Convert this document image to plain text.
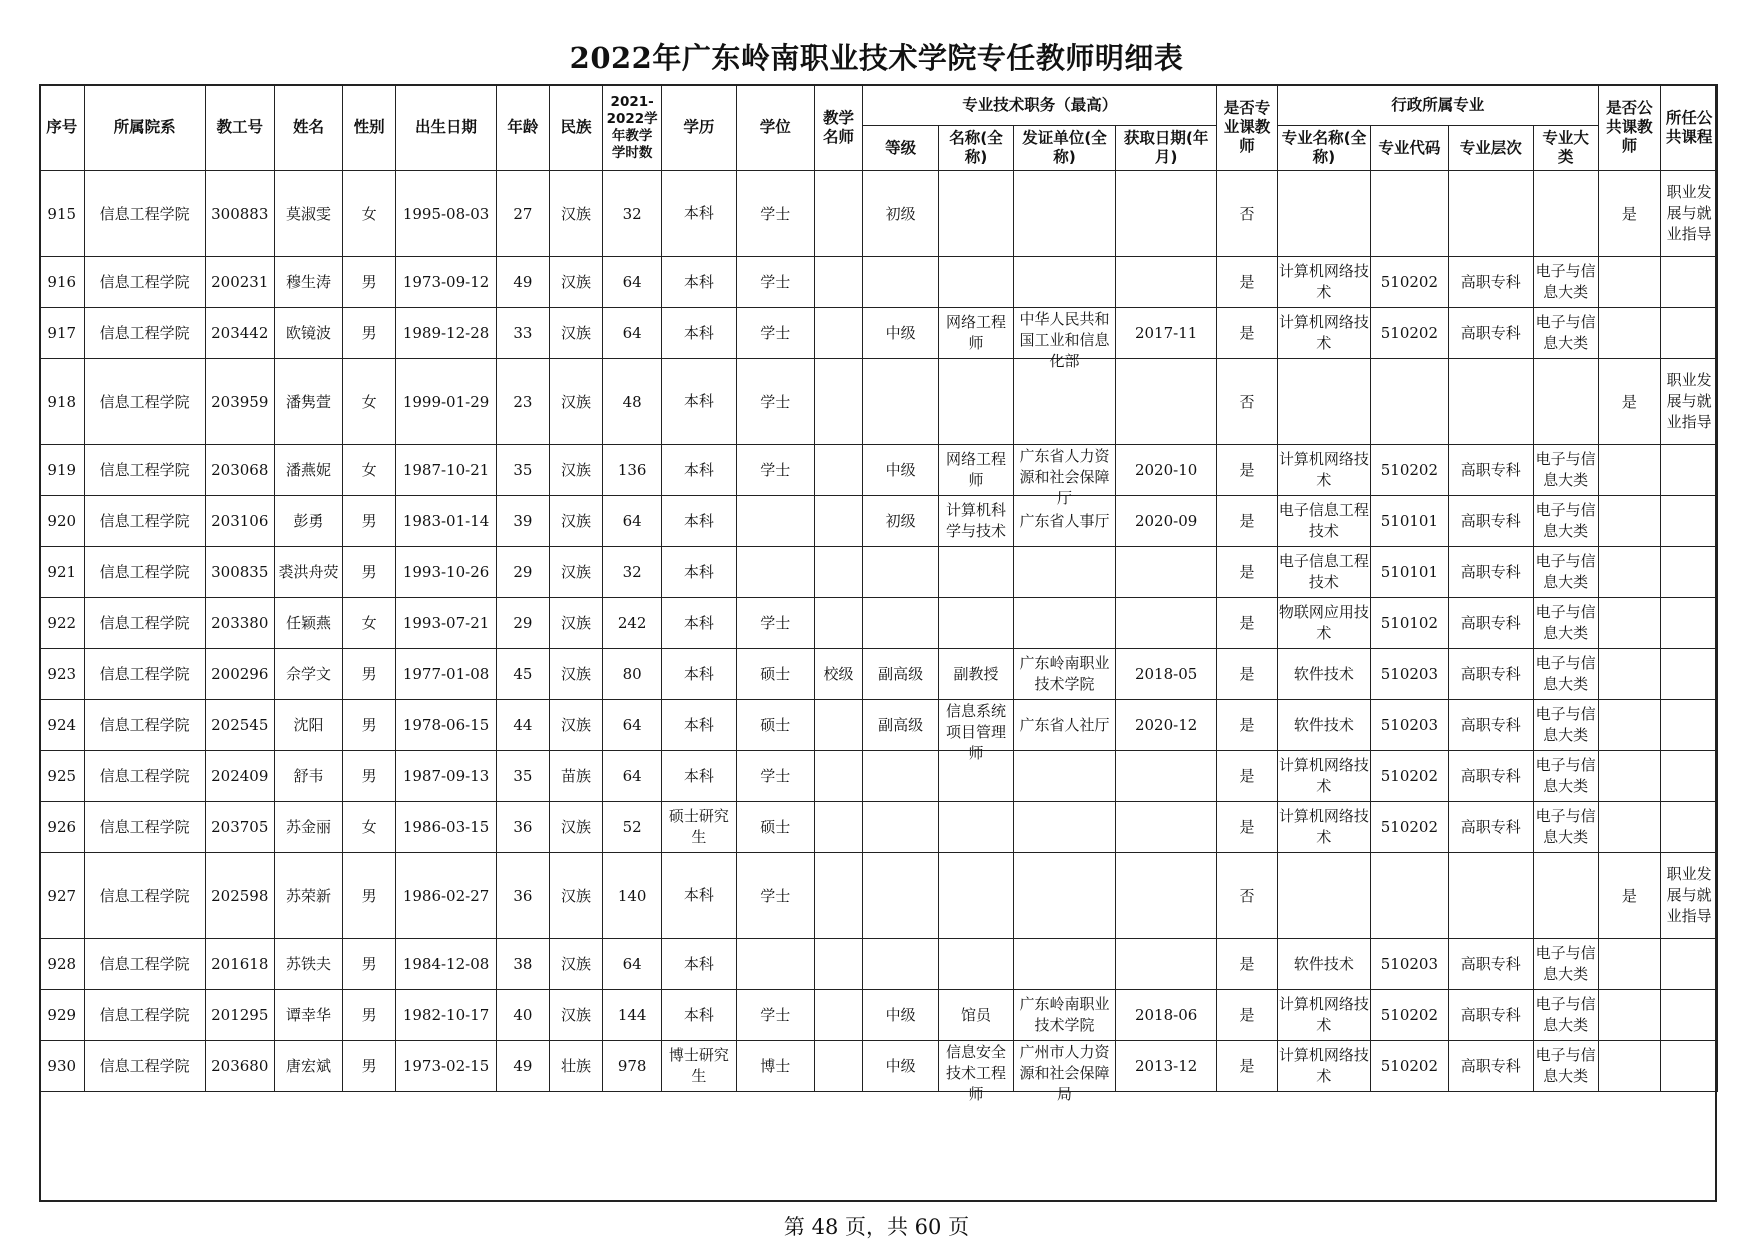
2022年广东岭南职业技术学院专任教师明细表
序号	所属院系	教工号	姓名	性别	出生日期	年龄	民族	2021-2022学年教学学时数	学历	学位	教学名师	专业技术职务（最高）				是否专业课教师	行政所属专业				是否公共课教师	所任公共课程
												等级	名称(全称)	发证单位(全称)	获取日期(年月)		专业名称(全称)	专业代码	专业层次	专业大类		
915	信息工程学院	300883	莫淑雯	女	1995-08-03	27	汉族	32	本科	学士		初级				否					是	职业发展与就业指导

916	信息工程学院	200231	穆生涛	男	1973-09-12	49	汉族	64	本科	学士						是	计算机网络技术	510202	高职专科	电子与信息大类		

917	信息工程学院	203442	欧镜波	男	1989-12-28	33	汉族	64	本科	学士		中级	网络工程师	中华人民共和国工业和信息化部	2017-11	是	计算机网络技术	510202	高职专科	电子与信息大类		

918	信息工程学院	203959	潘隽萱	女	1999-01-29	23	汉族	48	本科	学士						否					是	职业发展与就业指导

919	信息工程学院	203068	潘燕妮	女	1987-10-21	35	汉族	136	本科	学士		中级	网络工程师	广东省人力资源和社会保障厅	2020-10	是	计算机网络技术	510202	高职专科	电子与信息大类		

920	信息工程学院	203106	彭勇	男	1983-01-14	39	汉族	64	本科			初级	计算机科学与技术	广东省人事厅	2020-09	是	电子信息工程技术	510101	高职专科	电子与信息大类		

921	信息工程学院	300835	裘洪舟荧	男	1993-10-26	29	汉族	32	本科							是	电子信息工程技术	510101	高职专科	电子与信息大类		

922	信息工程学院	203380	任颖燕	女	1993-07-21	29	汉族	242	本科	学士						是	物联网应用技术	510102	高职专科	电子与信息大类		

923	信息工程学院	200296	佘学文	男	1977-01-08	45	汉族	80	本科	硕士	校级	副高级	副教授	广东岭南职业技术学院	2018-05	是	软件技术	510203	高职专科	电子与信息大类		

924	信息工程学院	202545	沈阳	男	1978-06-15	44	汉族	64	本科	硕士		副高级	信息系统项目管理师	广东省人社厅	2020-12	是	软件技术	510203	高职专科	电子与信息大类		

925	信息工程学院	202409	舒韦	男	1987-09-13	35	苗族	64	本科	学士						是	计算机网络技术	510202	高职专科	电子与信息大类		

926	信息工程学院	203705	苏金丽	女	1986-03-15	36	汉族	52	硕士研究生	硕士						是	计算机网络技术	510202	高职专科	电子与信息大类		

927	信息工程学院	202598	苏荣新	男	1986-02-27	36	汉族	140	本科	学士						否					是	职业发展与就业指导

928	信息工程学院	201618	苏铁夫	男	1984-12-08	38	汉族	64	本科							是	软件技术	510203	高职专科	电子与信息大类		

929	信息工程学院	201295	谭幸华	男	1982-10-17	40	汉族	144	本科	学士		中级	馆员	广东岭南职业技术学院	2018-06	是	计算机网络技术	510202	高职专科	电子与信息大类		

930	信息工程学院	203680	唐宏斌	男	1973-02-15	49	壮族	978	博士研究生	博士		中级	信息安全技术工程师	广州市人力资源和社会保障局	2013-12	是	计算机网络技术	510202	高职专科	电子与信息大类		

第 48 页，共 60 页
